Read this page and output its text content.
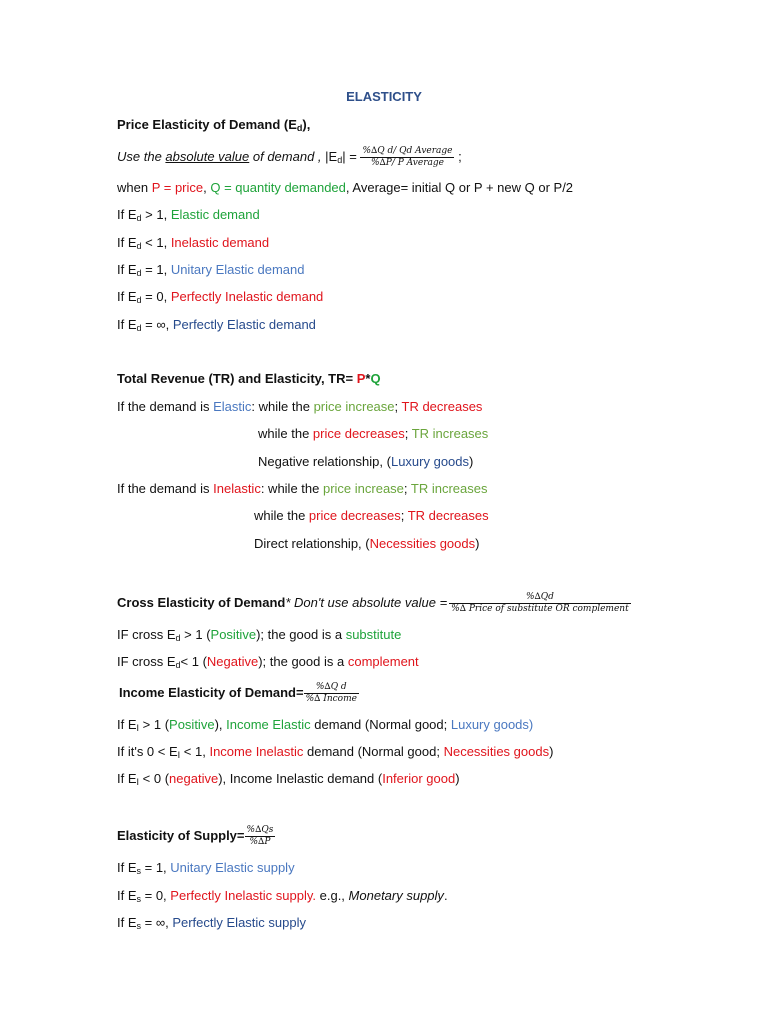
ELASTICITY
Price Elasticity of Demand $(E_d)$,
Use the absolute value of demand , $|E_d| = \frac{\text{\%∆Q d/ Qd Average}}{\text{\%∆P/ P Average}}$ ;
when P = price, Q = quantity demanded, Average= initial Q or P + new Q or P/2
If $E_d > 1$, Elastic demand
If $E_d < 1$, Inelastic demand
If $E_d = 1$, Unitary Elastic demand
If $E_d = 0$, Perfectly Inelastic demand
If $E_d$ = ∞, Perfectly Elastic demand
Total Revenue (TR) and Elasticity, TR= P*Q
If the demand is Elastic: while the price increase; TR decreases
while the price decreases; TR increases
Negative relationship, (Luxury goods)
If the demand is Inelastic: while the price increase; TR increases
while the price decreases; TR decreases
Direct relationship, (Necessities goods)
Cross Elasticity of Demand* Don't use absolute value = $\frac{\%\Delta Qd}{\text{\%∆ Price of substitute OR complement}}$
IF cross $E_d > 1$ (Positive); the good is a substitute
IF cross $E_d< 1$ (Negative); the good is a complement
Income Elasticity of Demand= $\frac{\text{\%∆Q d}}{\text{\%∆ Income}}$
If $E_I > 1$ (Positive), Income Elastic demand (Normal good; Luxury goods)
If it's $0 < E_I < 1$, Income Inelastic demand (Normal good; Necessities goods)
If $E_I < 0$ (negative), Income Inelastic demand (Inferior good)
Elasticity of Supply= $\frac{\%\Delta Qs}{\%\Delta P}$
If $E_s = 1$, Unitary Elastic supply
If $E_s = 0$, Perfectly Inelastic supply. e.g., Monetary supply.
If $E_s$ = ∞, Perfectly Elastic supply
